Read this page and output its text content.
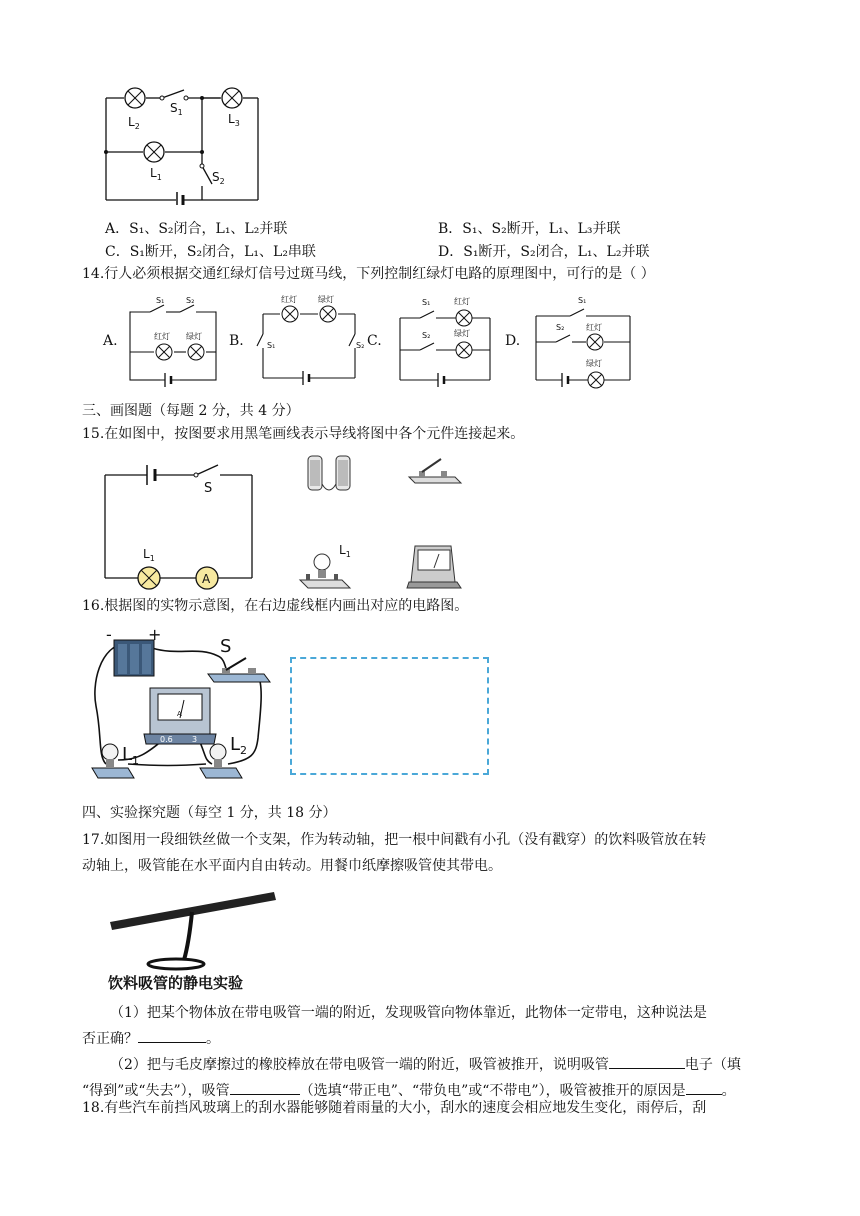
$L_2$
$S_1$	$L_3$
$L_1$	$S_2$
A．S₁、S₂闭合，L₁、L₂并联	B．S₁、S₂断开，L₁、L₃并联
C．S₁断开，S₂闭合，L₁、L₂串联	D．S₁断开，S₂闭合，L₁、L₂并联
14.行人必须根据交通红绿灯信号过斑马线，下列控制红绿灯电路的原理图中，可行的是（ ）
A.	B.	C.	D.
S₁	S₂
红灯 绿灯
红灯	绿灯
S₁	S₂
S₁	红灯
S₂	绿灯
S₁
S₂	红灯
绿灯
三、画图题（每题 2 分，共 4 分）
15.在如图中，按图要求用黑笔画线表示导线将图中各个元件连接起来。
A
S
$L_1$
$L_1$
16.根据图的实物示意图，在右边虚线框内画出对应的电路图。
- +
S
A
0.6 3
$L_1$
$L_2$
四、实验探究题（每空 1 分，共 18 分）
17.如图用一段细铁丝做一个支架，作为转动轴，把一根中间戳有小孔（没有戳穿）的饮料吸管放在转
动轴上，吸管能在水平面内自由转动。用餐巾纸摩擦吸管使其带电。
饮料吸管的静电实验
（1）把某个物体放在带电吸管一端的附近，发现吸管向物体靠近，此物体一定带电，这种说法是
否正确？	。
（2）把与毛皮摩擦过的橡胶棒放在带电吸管一端的附近，吸管被推开，说明吸管	电子（填
“得到”或“失去”），吸管	（选填“带正电”、“带负电”或“不带电”），吸管被推开的原因是	。
18.有些汽车前挡风玻璃上的刮水器能够随着雨量的大小，刮水的速度会相应地发生变化，雨停后，刮
